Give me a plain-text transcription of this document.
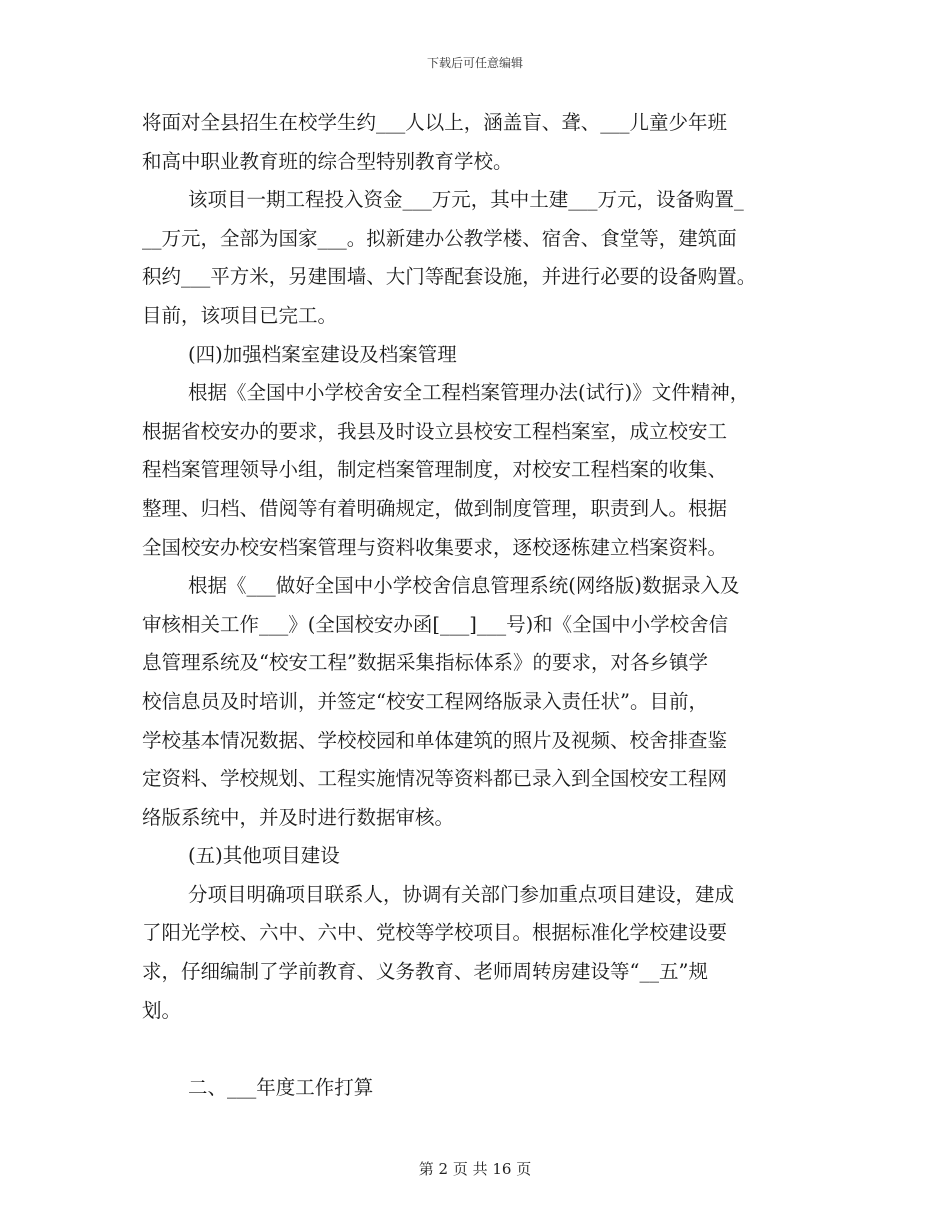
下载后可任意编辑
将面对全县招生在校学生约___人以上，涵盖盲、聋、___儿童少年班
和高中职业教育班的综合型特别教育学校。
该项目一期工程投入资金___万元，其中土建___万元，设备购置_
__万元，全部为国家___。拟新建办公教学楼、宿舍、食堂等，建筑面
积约___平方米，另建围墙、大门等配套设施，并进行必要的设备购置。
目前，该项目已完工。
(四)加强档案室建设及档案管理
根据《全国中小学校舍安全工程档案管理办法(试行)》文件精神，
根据省校安办的要求，我县及时设立县校安工程档案室，成立校安工
程档案管理领导小组，制定档案管理制度，对校安工程档案的收集、
整理、归档、借阅等有着明确规定，做到制度管理，职责到人。根据
全国校安办校安档案管理与资料收集要求，逐校逐栋建立档案资料。
根据《___做好全国中小学校舍信息管理系统(网络版)数据录入及
审核相关工作___》(全国校安办函[___]___号)和《全国中小学校舍信
息管理系统及“校安工程”数据采集指标体系》的要求，对各乡镇学
校信息员及时培训，并签定“校安工程网络版录入责任状”。目前，
学校基本情况数据、学校校园和单体建筑的照片及视频、校舍排查鉴
定资料、学校规划、工程实施情况等资料都已录入到全国校安工程网
络版系统中，并及时进行数据审核。
(五)其他项目建设
分项目明确项目联系人，协调有关部门参加重点项目建设，建成
了阳光学校、六中、六中、党校等学校项目。根据标准化学校建设要
求，仔细编制了学前教育、义务教育、老师周转房建设等“__五”规
划。
二、___年度工作打算
第 2 页 共 16 页
